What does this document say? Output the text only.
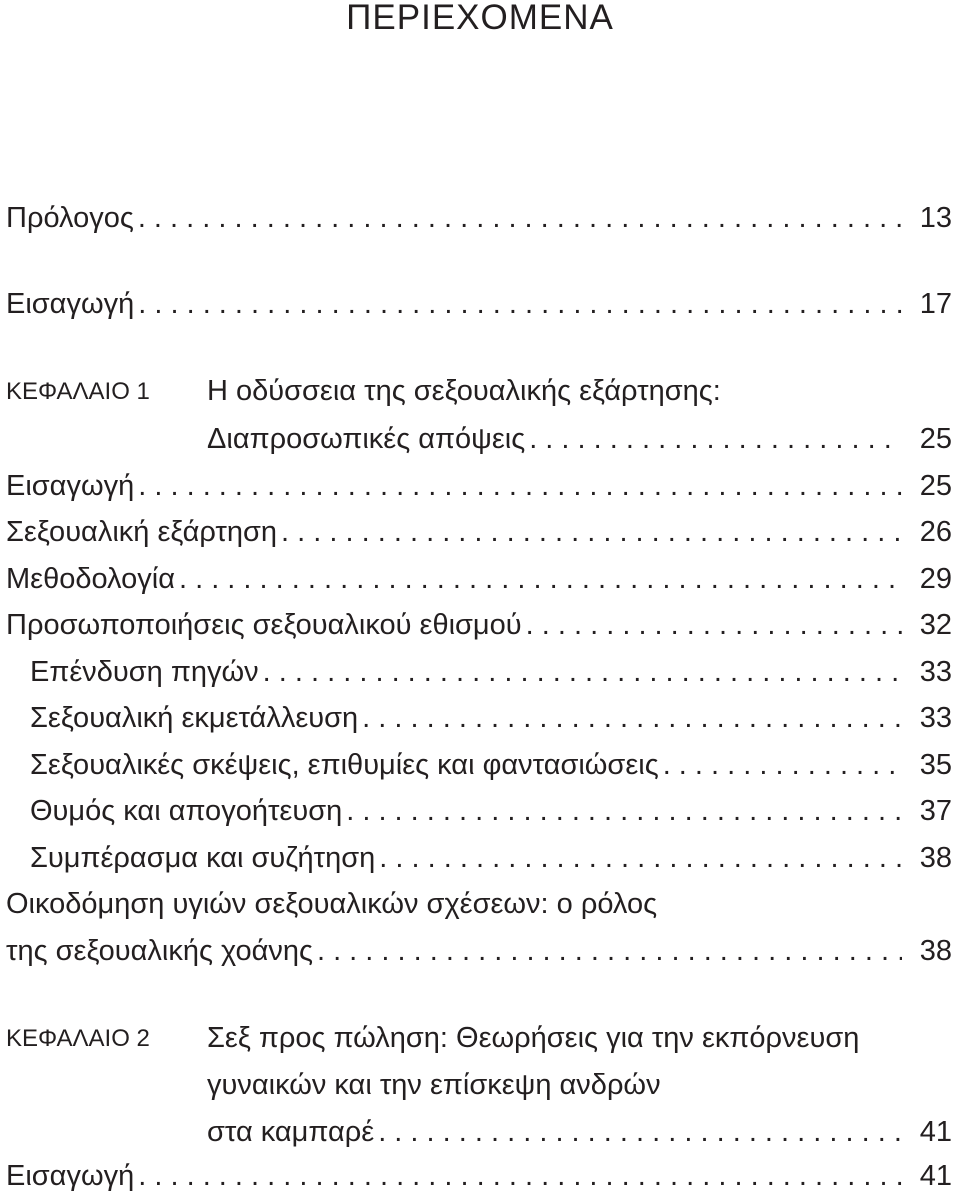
ΠΕΡΙΕΧΟΜΕΝΑ
Πρόλογος . . .	13
Εισαγωγή . . .	17
ΚΕΦΑΛΑΙΟ 1 Η οδύσσεια της σεξουαλικής εξάρτησης:
Διαπροσωπικές απόψεις . . .	25
Εισαγωγή . . .	25
Σεξουαλική εξάρτηση . . .	26
Μεθοδολογία . . .	29
Προσωποποιήσεις σεξουαλικού εθισμού . . .	32
Επένδυση πηγών . . .	33
Σεξουαλική εκμετάλλευση . . .	33
Σεξουαλικές σκέψεις, επιθυμίες και φαντασιώσεις . . .	35
Θυμός και απογοήτευση . . .	37
Συμπέρασμα και συζήτηση . . .	38
Οικοδόμηση υγιών σεξουαλικών σχέσεων: ο ρόλος
της σεξουαλικής χοάνης . . .	38
ΚΕΦΑΛΑΙΟ 2 Σεξ προς πώληση: Θεωρήσεις για την εκπόρνευση
γυναικών και την επίσκεψη ανδρών
στα καμπαρέ . . .	41
Εισαγωγή . . .	41
